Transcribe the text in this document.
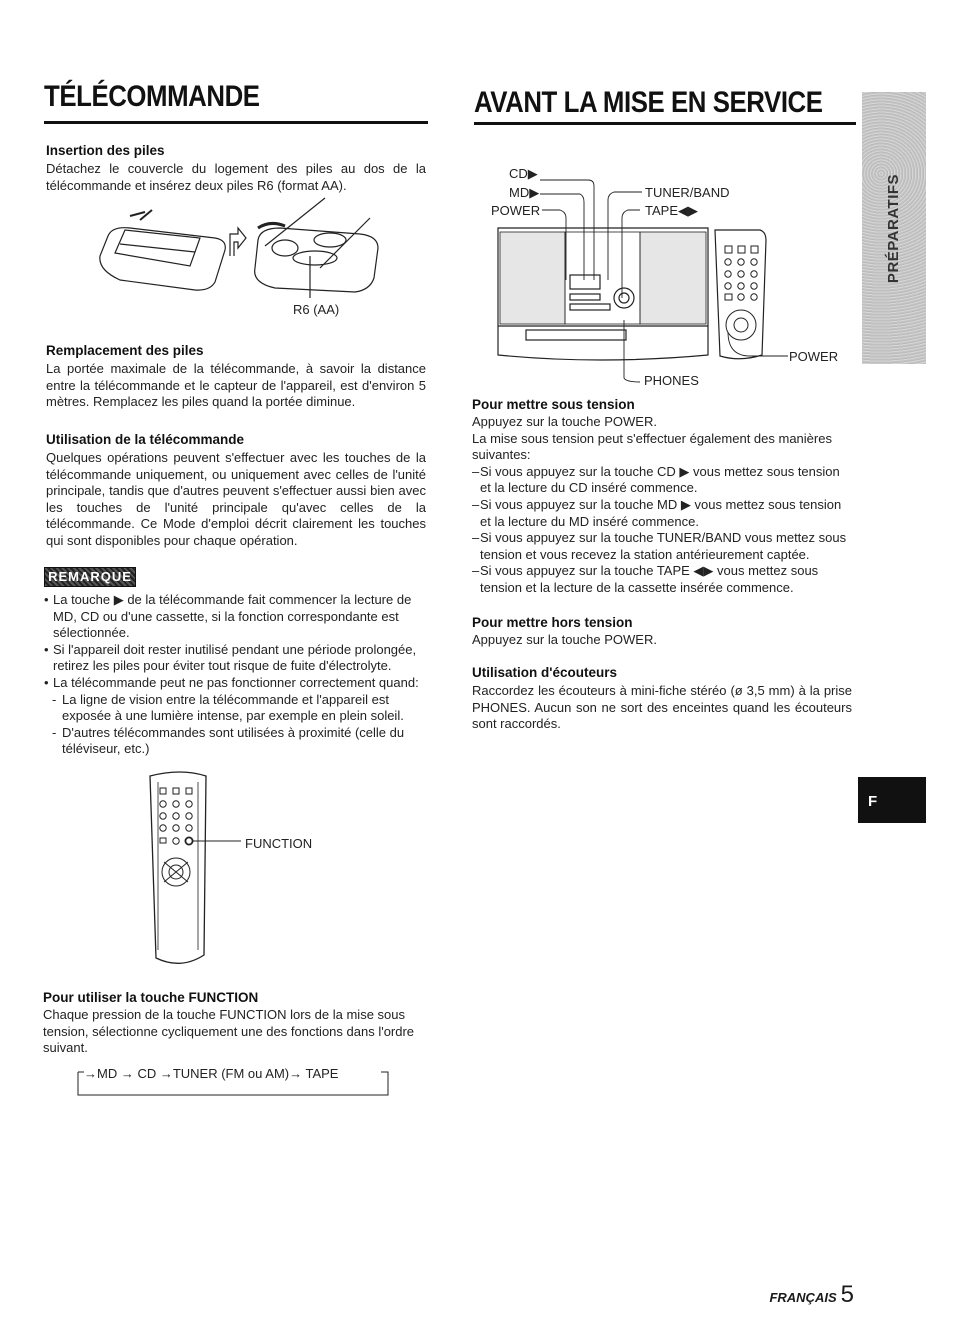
TÉLÉCOMMANDE
Insertion des piles
Détachez le couvercle du logement des piles au dos de la télécommande et insérez deux piles R6 (format AA).
R6 (AA)
Remplacement des piles
La portée maximale de la télécommande, à savoir la distance entre la télécommande et le capteur de l'appareil, est d'environ 5 mètres. Remplacez les piles quand la portée diminue.
Utilisation de la télécommande
Quelques opérations peuvent s'effectuer avec les touches de la télécommande uniquement, ou uniquement avec celles de l'unité principale, tandis que d'autres peuvent s'effectuer aussi bien avec les touches de l'unité principale qu'avec celles de la télécommande. Ce Mode d'emploi décrit clairement les touches qui sont disponibles pour chaque opération.
REMARQUE
• La touche ▶ de la télécommande fait commencer la lecture de MD, CD ou d'une cassette, si la fonction correspondante est sélectionnée.
• Si l'appareil doit rester inutilisé pendant une période prolongée, retirez les piles pour éviter tout risque de fuite d'électrolyte.
• La télécommande peut ne pas fonctionner correctement quand:
- La ligne de vision entre la télécommande et l'appareil est exposée à une lumière intense, par exemple en plein soleil.
- D'autres télécommandes sont utilisées à proximité (celle du téléviseur, etc.)
FUNCTION
Pour utiliser la touche FUNCTION
Chaque pression de la touche FUNCTION lors de la mise sous tension, sélectionne cycliquement une des fonctions dans l'ordre suivant.
→MD → CD →TUNER (FM ou AM)→ TAPE
AVANT LA MISE EN SERVICE
CD▶
MD▶
POWER
TUNER/BAND
TAPE◀▶
POWER
PHONES
Pour mettre sous tension
Appuyez sur la touche POWER.
La mise sous tension peut s'effectuer également des manières suivantes:
– Si vous appuyez sur la touche CD ▶ vous mettez sous tension et la lecture du CD inséré commence.
– Si vous appuyez sur la touche MD ▶ vous mettez sous tension et la lecture du MD inséré commence.
– Si vous appuyez sur la touche TUNER/BAND vous mettez sous tension et vous recevez la station antérieurement captée.
– Si vous appuyez sur la touche TAPE ◀▶ vous mettez sous tension et la lecture de la cassette insérée commence.
Pour mettre hors tension
Appuyez sur la touche POWER.
Utilisation d'écouteurs
Raccordez les écouteurs à mini-fiche stéréo (ø 3,5 mm) à la prise PHONES. Aucun son ne sort des enceintes quand les écouteurs sont raccordés.
PRÉPARATIFS
F
FRANÇAIS 5
